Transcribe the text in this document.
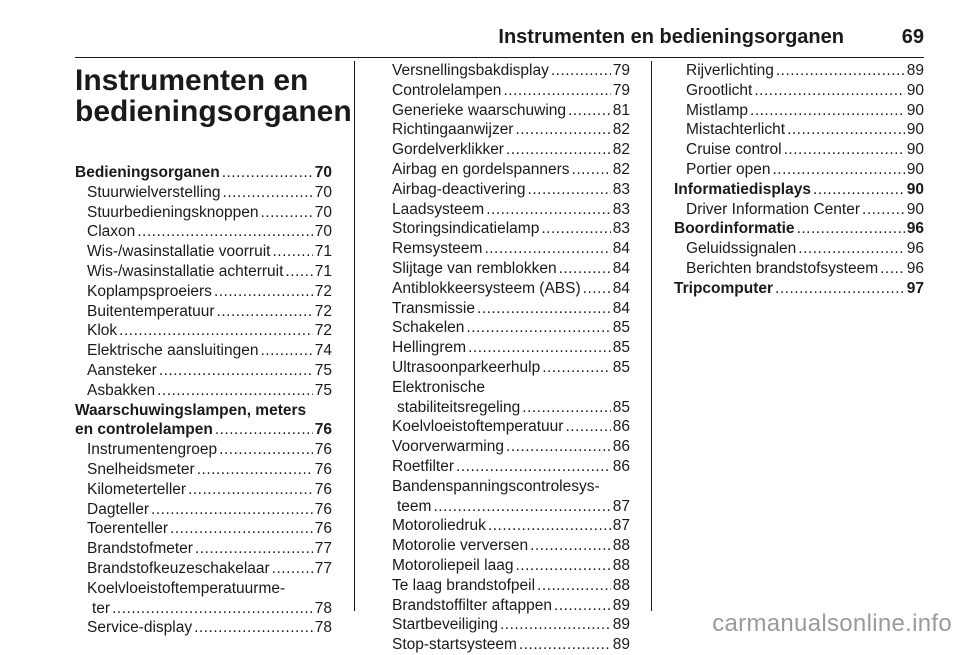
Instrumenten en bedieningsorganen	69
Instrumenten en
bedieningsorganen
Bedieningsorganen .....	70
Stuurwielverstelling .....	70
Stuurbedieningsknoppen .....	70
Claxon .....	70
Wis-/wasinstallatie voorruit .....	71
Wis-/wasinstallatie achterruit ..... 71
Koplampsproeiers .....	72
Buitentemperatuur .....	72
Klok .....	72
Elektrische aansluitingen .....	74
Aansteker .....	75
Asbakken .....	75
Waarschuwingslampen, meters
en controlelampen .....	76
Instrumentengroep .....	76
Snelheidsmeter .....	76
Kilometerteller .....	76
Dagteller .....	76
Toerenteller .....	76
Brandstofmeter .....	77
Brandstofkeuzeschakelaar .....	77
Koelvloeistoftemperatuurme-
ter .....	78
Service-display .....	78
Versnellingsbakdisplay .....	79
Controlelampen .....	79
Generieke waarschuwing .....	81
Richtingaanwijzer .....	82
Gordelverklikker .....	82
Airbag en gordelspanners .....	82
Airbag-deactivering .....	83
Laadsysteem .....	83
Storingsindicatielamp .....	83
Remsysteem .....	84
Slijtage van remblokken .....	84
Antiblokkeersysteem (ABS) ..... 84
Transmissie .....	84
Schakelen .....	85
Hellingrem .....	85
Ultrasoonparkeerhulp .....	85
Elektronische
stabiliteitsregeling .....	85
Koelvloeistoftemperatuur .....	86
Voorverwarming .....	86
Roetfilter .....	86
Bandenspanningscontrolesys-
teem .....	87
Motoroliedruk .....	87
Motorolie verversen .....	88
Motoroliepeil laag .....	88
Te laag brandstofpeil .....	88
Brandstoffilter aftappen .....	89
Startbeveiliging .....	89
Stop-startsysteem .....	89
Rijverlichting .....	89
Grootlicht .....	90
Mistlamp .....	90
Mistachterlicht .....	90
Cruise control .....	90
Portier open .....	90
Informatiedisplays .....	90
Driver Information Center .....	90
Boordinformatie .....	96
Geluidssignalen .....	96
Berichten brandstofsysteem ..... 96
Tripcomputer .....	97
carmanualsonline.info
